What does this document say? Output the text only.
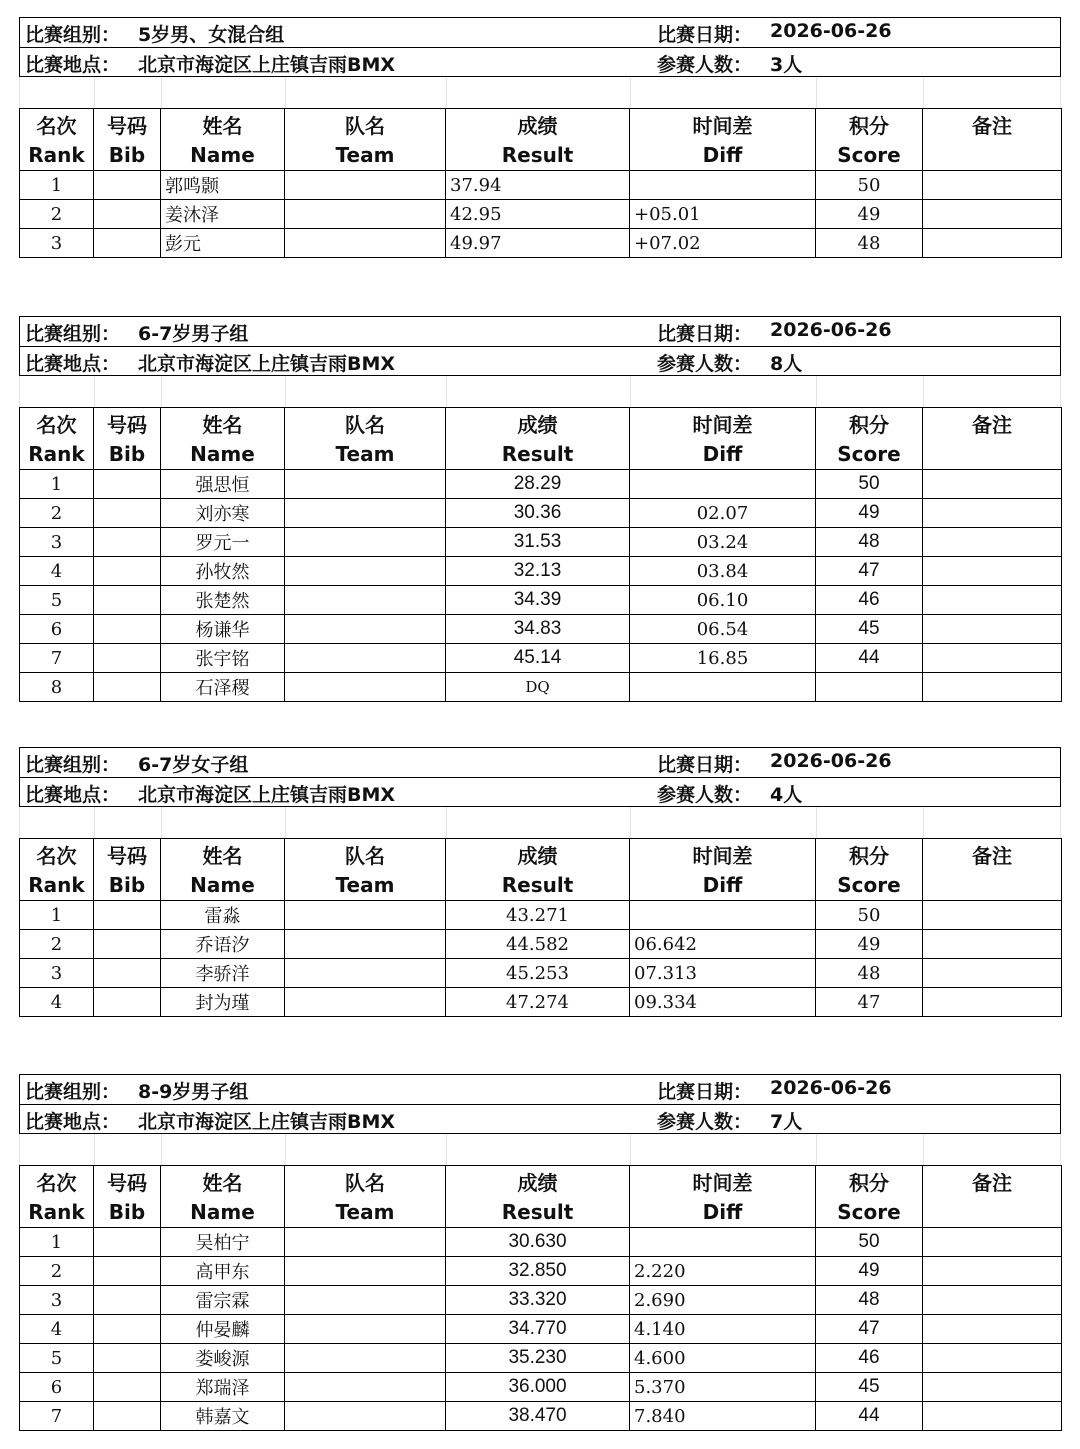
比赛组别： 5岁男、女混合组
比赛地点： 北京市海淀区上庄镇吉雨BMX
比赛日期： 2026-06-26
参赛人数： 3人
名次	号码	姓名	队名	成绩	时间差	积分	备注
Rank	Bib	Name	Team	Result	Diff	Score	
1		郭鸣颢		37.94		50	
2		姜沐泽		42.95	+05.01	49	
3		彭元		49.97	+07.02	48	
比赛组别： 6-7岁男子组
比赛地点： 北京市海淀区上庄镇吉雨BMX
比赛日期： 2026-06-26
参赛人数： 8人
名次	号码	姓名	队名	成绩	时间差	积分	备注
Rank	Bib	Name	Team	Result	Diff	Score	
1		强思恒		28.29		50	
2		刘亦寒		30.36	02.07	49	
3		罗元一		31.53	03.24	48	
4		孙牧然		32.13	03.84	47	
5		张楚然		34.39	06.10	46	
6		杨谦华		34.83	06.54	45	
7		张宇铭		45.14	16.85	44	
8		石泽稷		DQ			
比赛组别： 6-7岁女子组
比赛地点： 北京市海淀区上庄镇吉雨BMX
比赛日期： 2026-06-26
参赛人数： 4人
名次	号码	姓名	队名	成绩	时间差	积分	备注
Rank	Bib	Name	Team	Result	Diff	Score	
1		雷淼		43.271		50	
2		乔语汐		44.582	06.642	49	
3		李骄洋		45.253	07.313	48	
4		封为瑾		47.274	09.334	47	
比赛组别： 8-9岁男子组
比赛地点： 北京市海淀区上庄镇吉雨BMX
比赛日期： 2026-06-26
参赛人数： 7人
名次	号码	姓名	队名	成绩	时间差	积分	备注
Rank	Bib	Name	Team	Result	Diff	Score	
1		吴柏宁		30.630		50	
2		高甲东		32.850	2.220	49	
3		雷宗霖		33.320	2.690	48	
4		仲晏麟		34.770	4.140	47	
5		娄峻源		35.230	4.600	46	
6		郑瑞泽		36.000	5.370	45	
7		韩嘉文		38.470	7.840	44	
